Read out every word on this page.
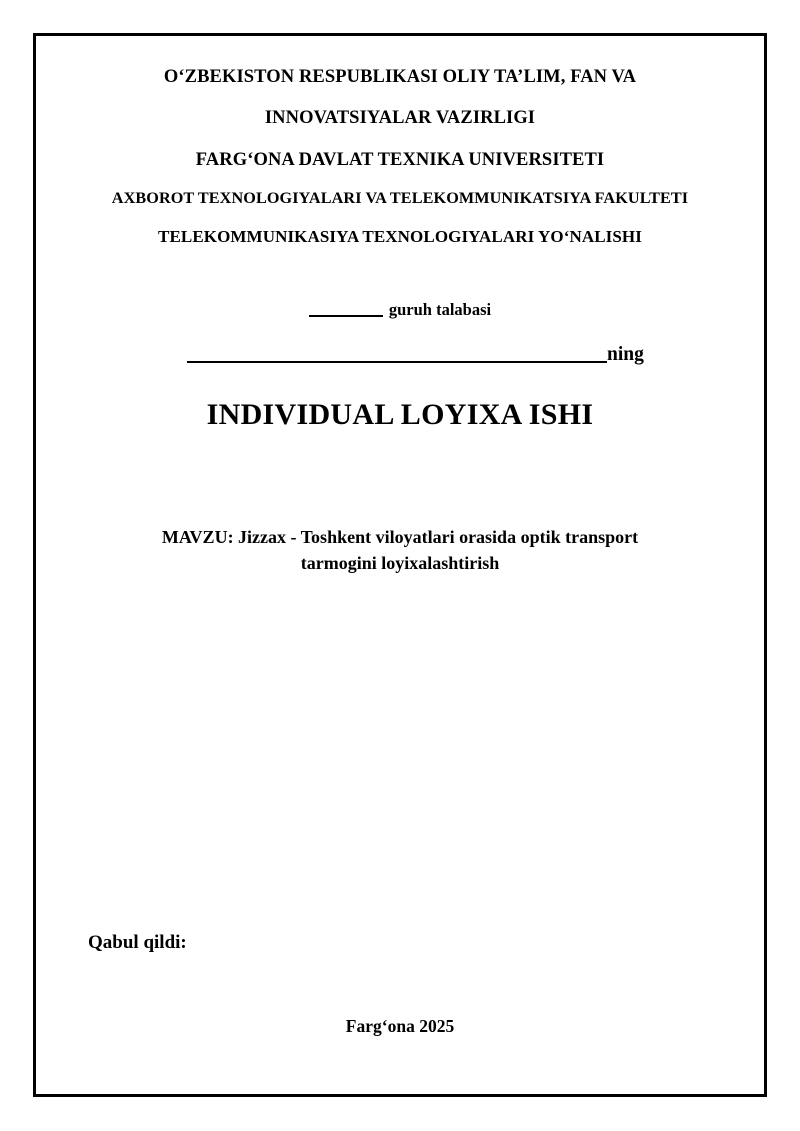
O‘ZBEKISTON RESPUBLIKASI OLIY TA’LIM, FAN VA
INNOVATSIYALAR VAZIRLIGI
FARG‘ONA DAVLAT TEXNIKA UNIVERSITETI
AXBOROT TEXNOLOGIYALARI VA TELEKOMMUNIKATSIYA FAKULTETI
TELEKOMMUNIKASIYA TEXNOLOGIYALARI YO‘NALISHI
guruh talabasi
ning
INDIVIDUAL LOYIXA ISHI
MAVZU: Jizzax - Toshkent viloyatlari orasida optik transport
tarmogini loyixalashtirish
Qabul qildi:
Farg‘ona 2025
